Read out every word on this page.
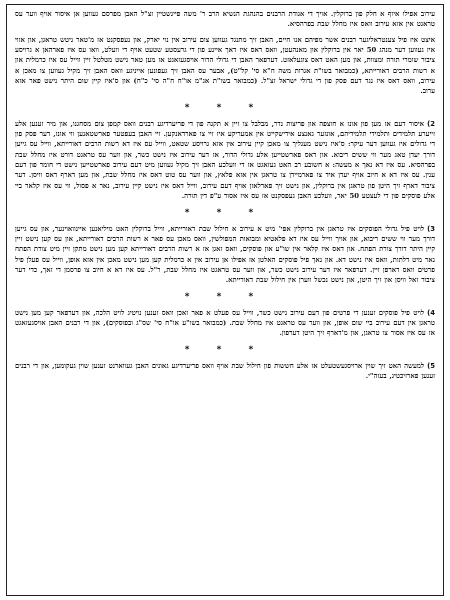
עירוב אפילו איוף א חלק פון ברוקלין. אויך די אגודת הרבנים בהנהגת הנשיא הרב ר' משה פיינשטיין זצ"ל האבן מפרסם געווען אן איסור אויף ווער עס טראגט אין אזא עירוב וואס איז מחלל שבת בפרהסיא.

איצט איז פיל צענטראליגער רבנים אשר מפיהם אנו חיים, האבן זיך מתנגד געווען צום עירוב אין נוי יארק, און נעפסקנט אז מ'טאר ניטש טראגן, און אזוי איז געווען דער מנהג 50 יאר אין ברוקלין און מאנהעטן, וואס דאס איז דאך איינע פון די גרעסטע שטעט אויף די וועלט, וואו עס איז פארהאן א גרויסע ציבור שומרי תורה ומצוות, און מען האט דאס צוגעלאזט. דערפאר האבן די גדולי הדור אויסגעזאגט אז מען טאר נישט מטלטל זיין ווייל עס איז כרמלית און א רשות הרבים דאורייתא, (כמבואר בשו"ת אגרות משה ח"א סי' קל"ט), אבער עס האבן זיך געפונען אייניגע וואס האבן זיך מקיל געווען צו מאכן א עירוב, וואס דאס איז נגד דעם פסק פון די גדולי ישראל זצ"ל. (כמבואר בשו"ת אג"מ או"ח ח"ה סי' כ"ח) און ס'איז קיין שום היתר נישט פאר אזא ערוב.

* * *

2)איסור דעם אז מען פון אונז א חוצפה און פריצות נדר, מבלבל צו זיין א תקנה פון די פריערדיגע רבנים וואס קמפן צום מסחגנו, און מיר זענען אלע זייערע תלמידים ותלמידי תלמידיהם, אונזער גאנצע אידישקייט אין אמעריקע איז זיי צו פארדאנקען. זיי האבן בעפטער פארשטאנען ווי אונז, דער פסק פון די גדולים איז געווען דער עיקר: ס'איז נישט מעגליך צו מאכן קיין עירוב אין אזא גרויסע שטאט, ווייל עס איז דא רשות הרבים דאורייתא, ווייל עס גייען דורך יעדן טאג מער ווי ששים ריבוא. און דאס פארשטייען אלע גדולי הדור, אז דער עירוב איז נישט כשר, און ווער עס טראגט דורט איז מחלל שבת בפרהסיא. עס איז דא נאך א מעשה: א חשובע רב האט געזאגט אז די וועלכע האבן זיך מקיל געווען מיט דעם עירוב פארשטייען נישט די חומר פון דעם ענין. עס איז דא א חיוב אויף יעדן איד צו פארמיידן צו טראגן אין אזא פלאץ, און ווער עס טוט דאס איז מחלל שבת, און מען דארף דאס וויסן. דער ציבור דארף זיך היטן פון טראגן אין ברוקלין, און נישט זיך פארלאזן אויף דעם עירוב, ווייל דאס איז נישט קיין עירוב, נאר א פסול, ווי עס איז קלאר ביי אלע פוסקים פון די לעצטע 50 יאר, וועלכע האבן געפסקנט אז עס איז אסור ע"פ דין תורה.

* * *

3)לויט פיל גדולי הפוסקים איז טראגן אין ברוקלין אפי' מיט א עירוב א חילול שבת דאורייתא, ווייל ברוקלין האט מיליאנען איינוואוינער, און עס גייען דורך מער ווי ששים ריבוא, און אויך ווייל עס איז דא פלאטיא ומבואות המפולשין, וואס מאכן עס פאר א רשות הרבים דאורייתא, און עס קען נישט זיין קיין היתר דורך צורת הפתח. און דאס איז קלאר אין שו"ע און פוסקים, וואס זאגן אז א רשות הרבים דאורייתא קען מען נישט מתקן זיין מיט צורת הפתח נאר מיט דלתות, וואס איז נישט דא. און נאך פיל פוסקים האלטן אז אפילו אן עירוב אין א כרמלית קען מען נישט מאכן אין אזא אופן, ווייל עס פעלן פיל פרטים וואס דארפן זיין. דערפאר איז דער עירוב נישט כשר, און ווער עס טראגט איז מחלל שבת, ר"ל. עס איז דא א חיוב צו פרסמן די זאך, כדי דער ציבור זאל וויסן און זיך היטן, און נישט נכשל ווערן אין חילול שבת דאורייתא.

* * *

4)לויט פיל פוסקים זענען די פרטים פון דעם עירוב נישט כשר, ווייל עס פעלט א פאר זאכן וואס זענען נויטיג לויט הלכה, און דערפאר קען מען נישט טראגן אין דעם עירוב ביי שום אופן, און ווער עס טראגט איז מחלל שבת. (כמבואר בשו"ע או"ח סי' שס"ג ובפוסקים), און די רבנים האבן אויסגעזאגט אז עס איז אסור צו טראגן, און מ'דארף זיך היטן דערפון.

* * *

5)למעשה האט זיך שוין ארויסגעשטעלט אז אלע חששות פון חילול שבת אויף וואס פריערדיגע גאונים האבן געווארנט זענען שוין געקומען, און די רבנים זענען פארזיכטיג, בעזה"י.
